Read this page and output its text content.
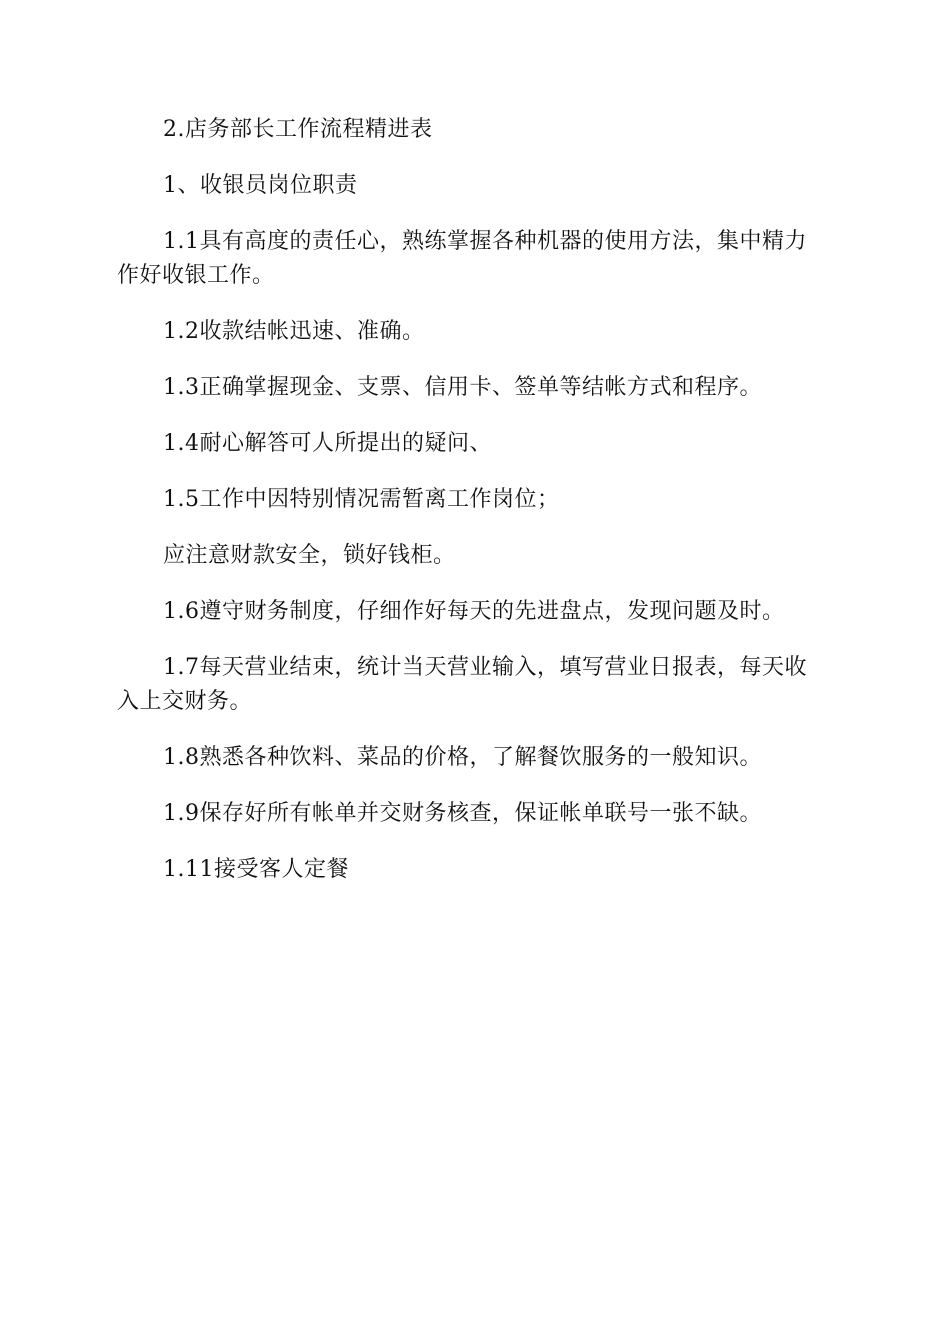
2.店务部长工作流程精进表

1、收银员岗位职责

1.1具有高度的责任心，熟练掌握各种机器的使用方法，集中精力作好收银工作。

1.2收款结帐迅速、准确。

1.3正确掌握现金、支票、信用卡、签单等结帐方式和程序。

1.4耐心解答可人所提出的疑问、

1.5工作中因特别情况需暂离工作岗位；

应注意财款安全，锁好钱柜。

1.6遵守财务制度，仔细作好每天的先进盘点，发现问题及时。

1.7每天营业结束，统计当天营业输入，填写营业日报表，每天收入上交财务。

1.8熟悉各种饮料、菜品的价格，了解餐饮服务的一般知识。

1.9保存好所有帐单并交财务核查，保证帐单联号一张不缺。

1.11接受客人定餐
